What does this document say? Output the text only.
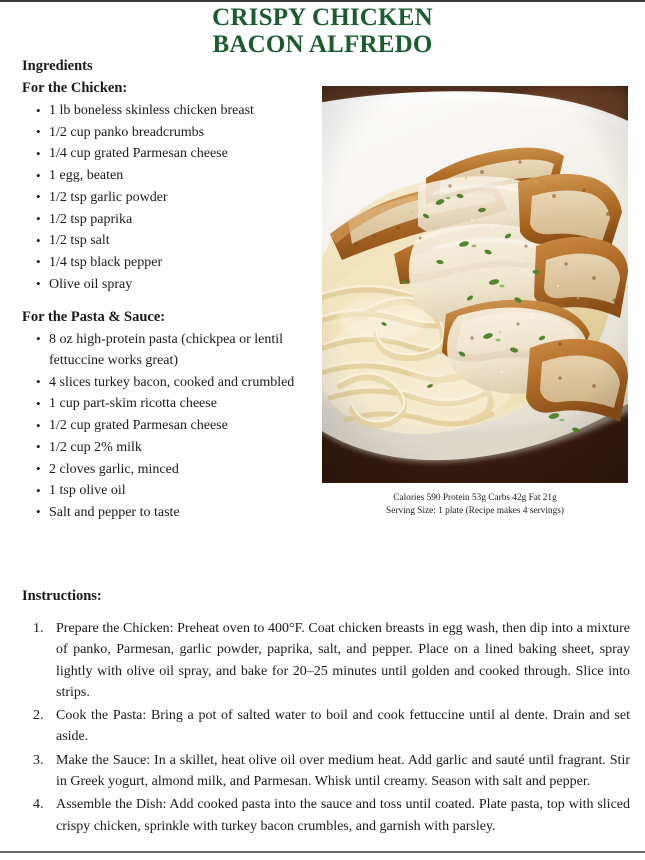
CRISPY CHICKEN
BACON ALFREDO
Ingredients
For the Chicken:
• 1 lb boneless skinless chicken breast
• 1/2 cup panko breadcrumbs
• 1/4 cup grated Parmesan cheese
• 1 egg, beaten
• 1/2 tsp garlic powder
• 1/2 tsp paprika
• 1/2 tsp salt
• 1/4 tsp black pepper
• Olive oil spray
For the Pasta & Sauce:
• 8 oz high-protein pasta (chickpea or lentil fettuccine works great)
• 4 slices turkey bacon, cooked and crumbled
• 1 cup part-skim ricotta cheese
• 1/2 cup grated Parmesan cheese
• 1/2 cup 2% milk
• 2 cloves garlic, minced
• 1 tsp olive oil
• Salt and pepper to taste
Calories 590 Protein 53g Carbs 42g Fat 21g
Serving Size: 1 plate (Recipe makes 4 servings)
Instructions:
Prepare the Chicken: Preheat oven to 400°F. Coat chicken breasts in egg wash, then dip into a mixture of panko, Parmesan, garlic powder, paprika, salt, and pepper. Place on a lined baking sheet, spray lightly with olive oil spray, and bake for 20–25 minutes until golden and cooked through. Slice into strips.
Cook the Pasta: Bring a pot of salted water to boil and cook fettuccine until al dente. Drain and set aside.
Make the Sauce: In a skillet, heat olive oil over medium heat. Add garlic and sauté until fragrant. Stir in Greek yogurt, almond milk, and Parmesan. Whisk until creamy. Season with salt and pepper.
Assemble the Dish: Add cooked pasta into the sauce and toss until coated. Plate pasta, top with sliced crispy chicken, sprinkle with turkey bacon crumbles, and garnish with parsley.
